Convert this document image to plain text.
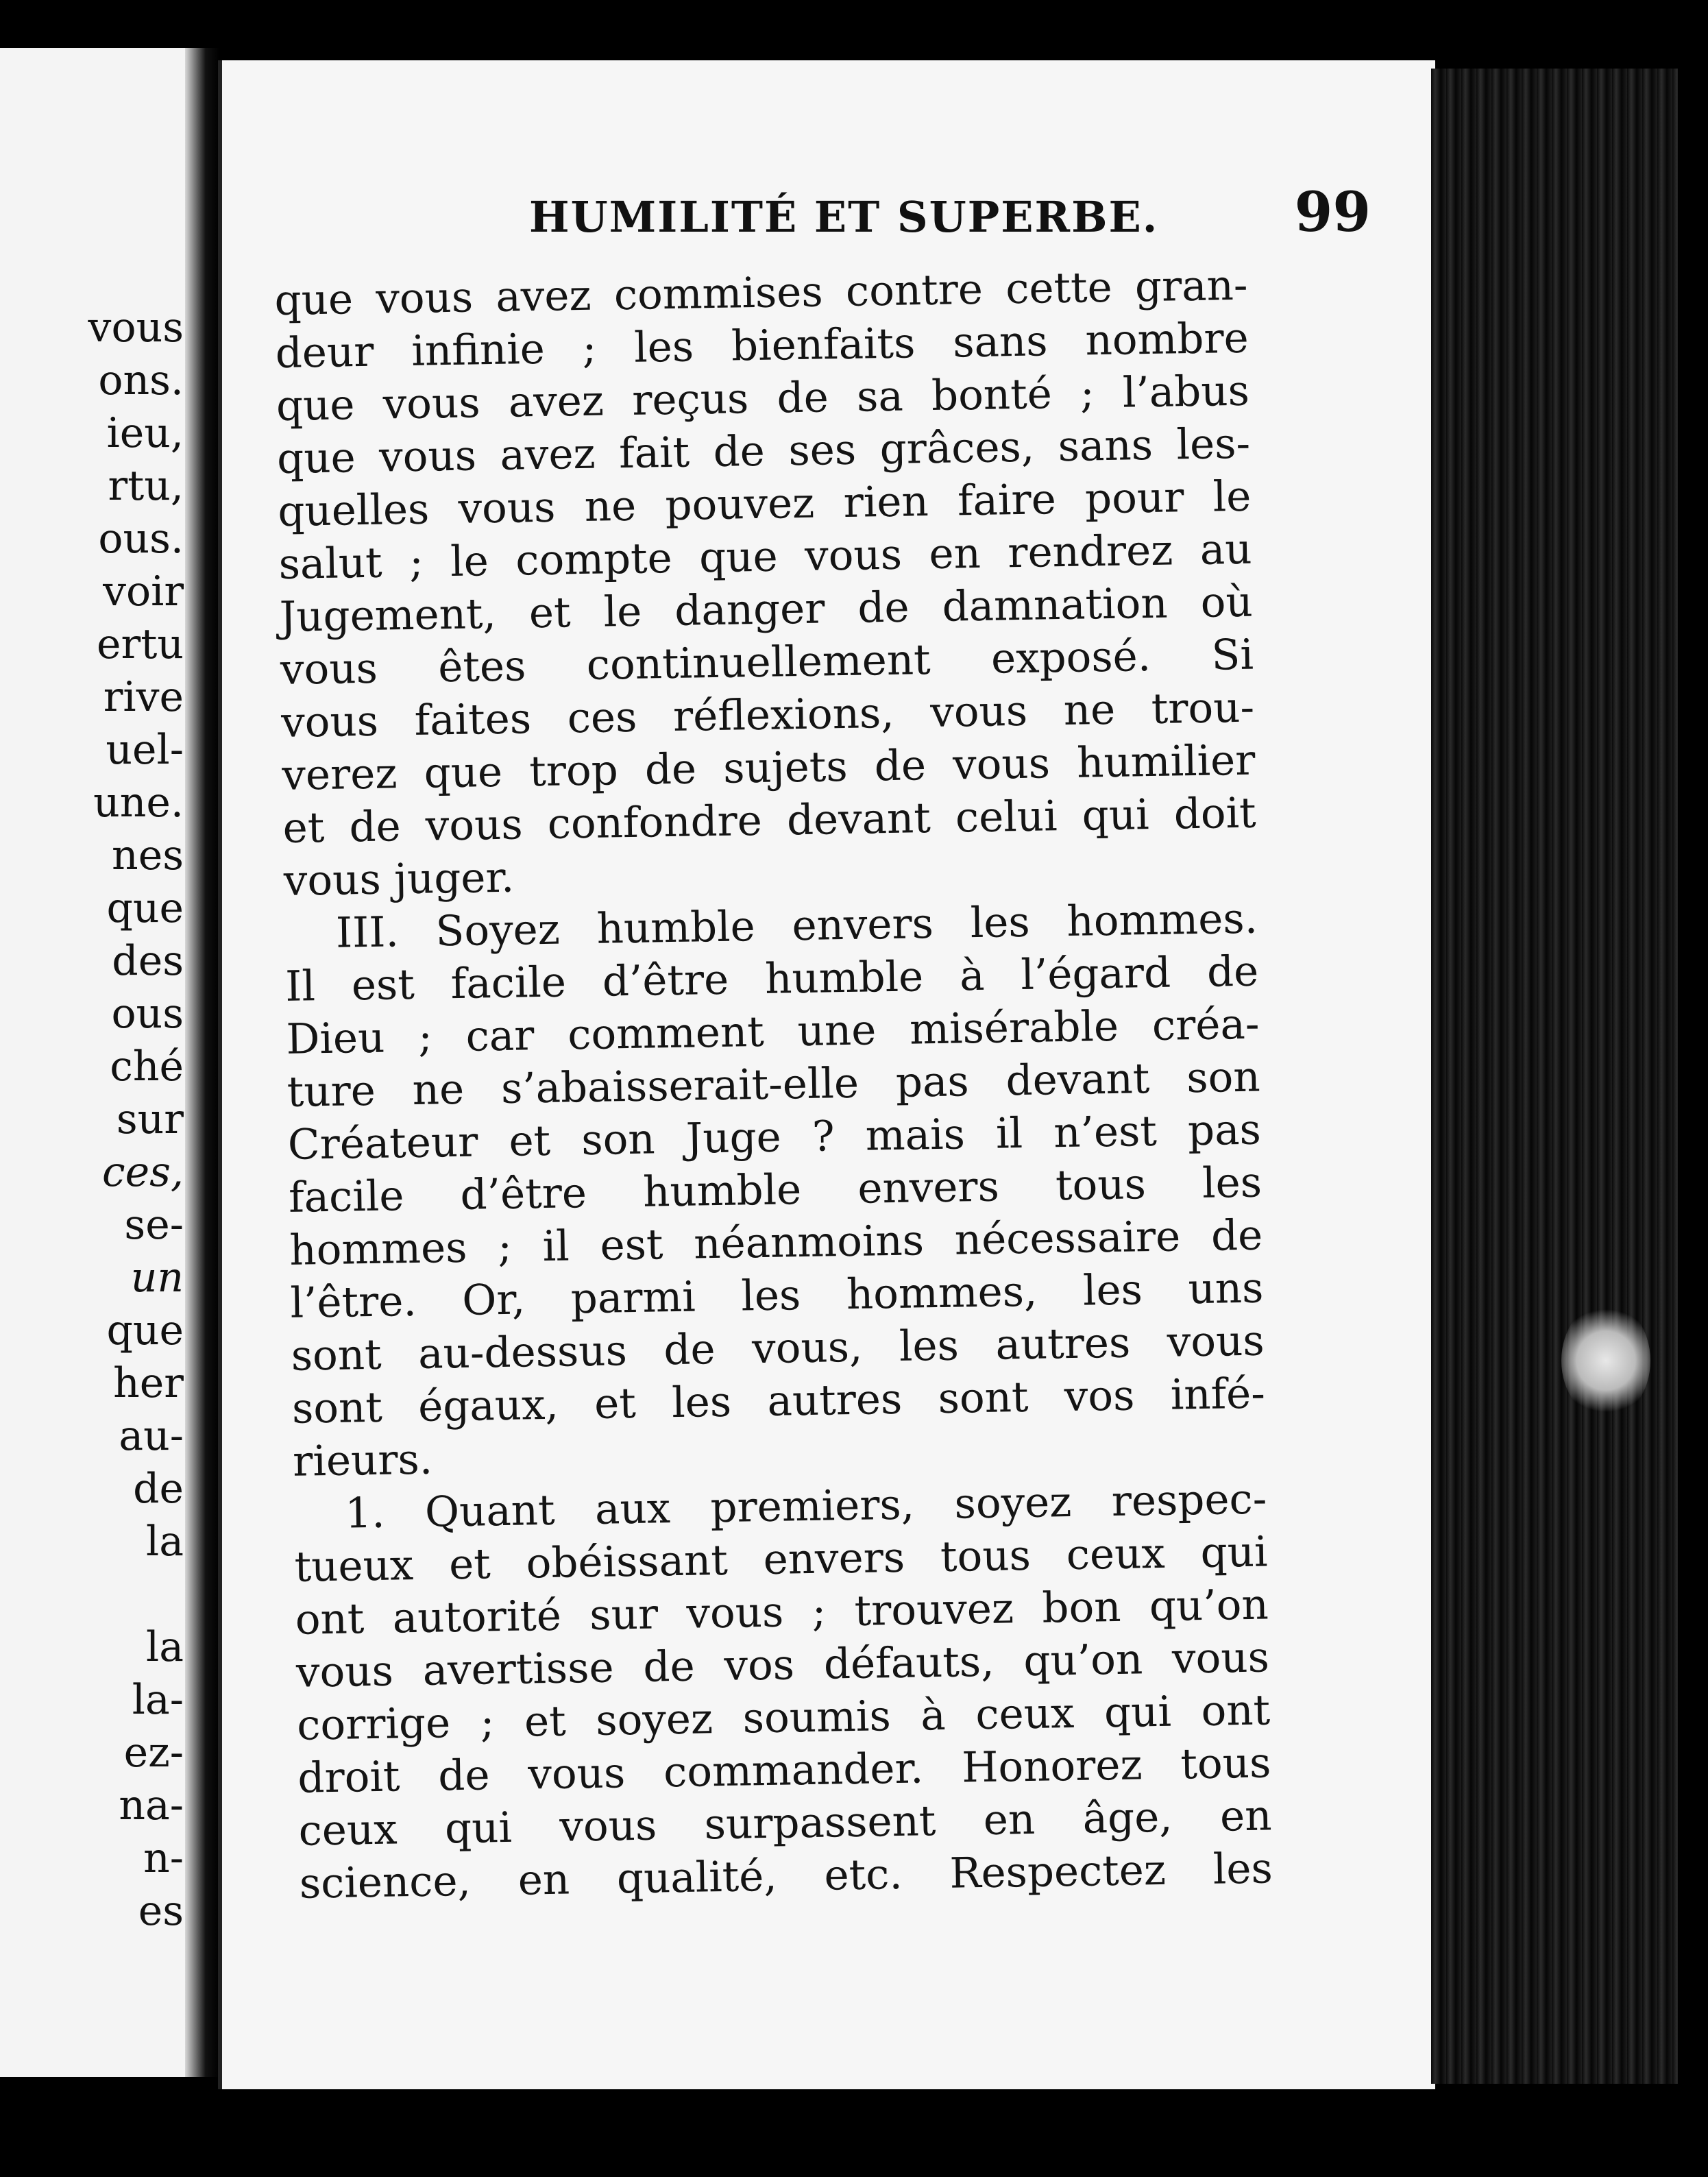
vous
ons.
ieu,
rtu,
ous.
voir
ertu
rive
uel-
une.
nes
que
des
ous
ché
sur
ces,
se-
un
que
her
au-
de
la
la
la-
ez-
na-
n-
es
HUMILITÉ ET SUPERBE. 99
que vous avez commises contre cette gran-
deur infinie ; les bienfaits sans nombre
que vous avez reçus de sa bonté ; l’abus
que vous avez fait de ses grâces, sans les-
quelles vous ne pouvez rien faire pour le
salut ; le compte que vous en rendrez au
Jugement, et le danger de damnation où
vous êtes continuellement exposé. Si
vous faites ces réflexions, vous ne trou-
verez que trop de sujets de vous humilier
et de vous confondre devant celui qui doit
vous juger.
III. Soyez humble envers les hommes.
Il est facile d’être humble à l’égard de
Dieu ; car comment une misérable créa-
ture ne s’abaisserait-elle pas devant son
Créateur et son Juge ? mais il n’est pas
facile d’être humble envers tous les
hommes ; il est néanmoins nécessaire de
l’être. Or, parmi les hommes, les uns
sont au-dessus de vous, les autres vous
sont égaux, et les autres sont vos infé-
rieurs.
1. Quant aux premiers, soyez respec-
tueux et obéissant envers tous ceux qui
ont autorité sur vous ; trouvez bon qu’on
vous avertisse de vos défauts, qu’on vous
corrige ; et soyez soumis à ceux qui ont
droit de vous commander. Honorez tous
ceux qui vous surpassent en âge, en
science, en qualité, etc. Respectez les
